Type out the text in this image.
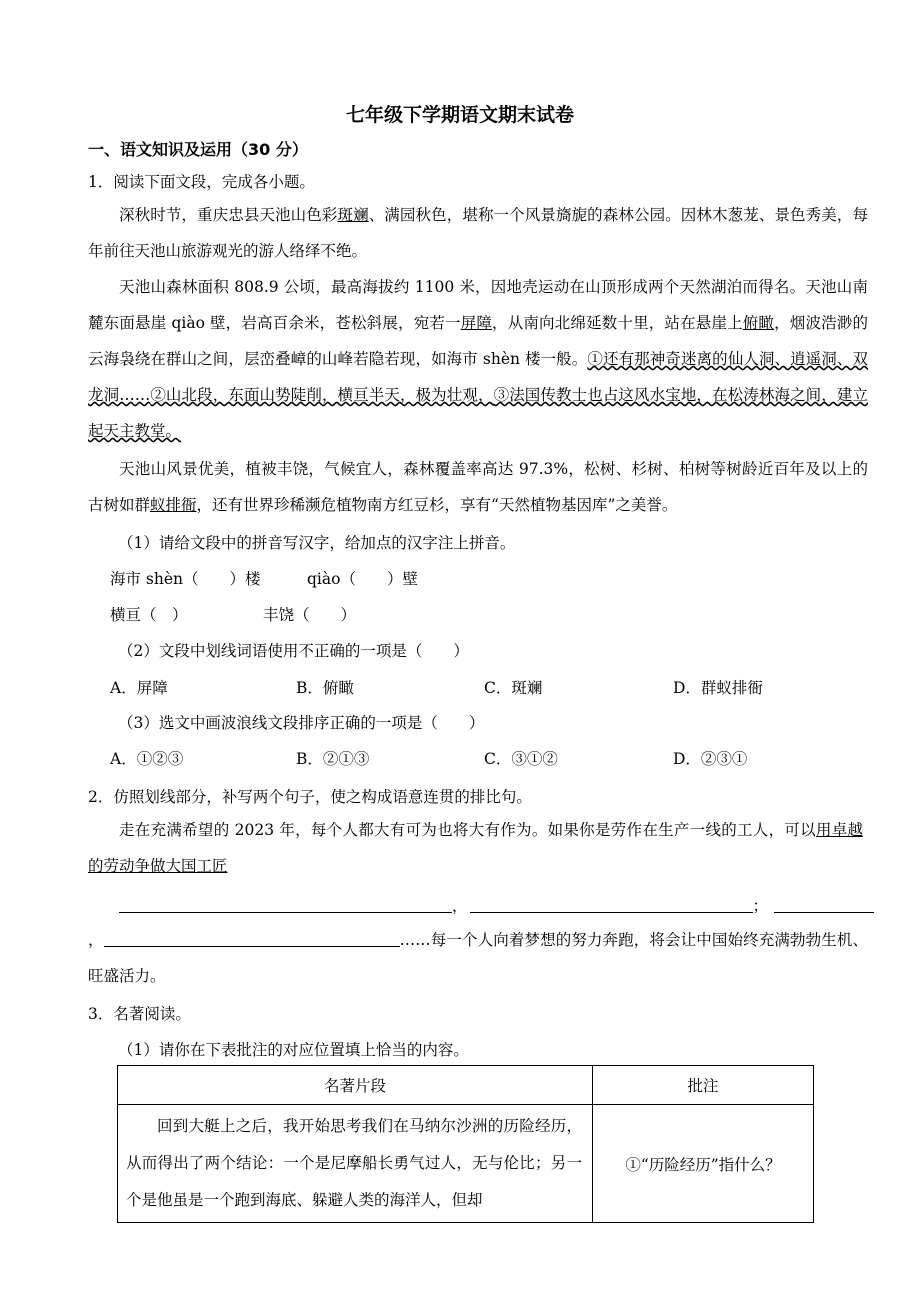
七年级下学期语文期末试卷
一、语文知识及运用（30 分）
1．阅读下面文段，完成各小题。
深秋时节，重庆忠县天池山色彩斑斓、满园秋色，堪称一个风景旖旎的森林公园。因林木葱茏、景色秀美，每年前往天池山旅游观光的游人络绎不绝。
天池山森林面积 808.9 公顷，最高海拔约 1100 米，因地壳运动在山顶形成两个天然湖泊而得名。天池山南麓东面悬崖 qiào 壁，岩高百余米，苍松斜展，宛若一屏障，从南向北绵延数十里，站在悬崖上俯瞰，烟波浩渺的云海袅绕在群山之间，层峦叠嶂的山峰若隐若现，如海市 shèn 楼一般。①还有那神奇迷离的仙人洞、逍遥洞、双龙洞……②山北段，东面山势陡削，横亘半天，极为壮观，③法国传教士也占这风水宝地，在松涛林海之间，建立起天主教堂。
天池山风景优美，植被丰饶，气候宜人，森林覆盖率高达 97.3%，松树、杉树、柏树等树龄近百年及以上的古树如群蚁排衙，还有世界珍稀濒危植物南方红豆杉，享有“天然植物基因库”之美誉。
（1）请给文段中的拼音写汉字，给加点的汉字注上拼音。
海市 shèn（　　）楼	qiào（　　）壁
横亘（　）	丰饶（　　）
（2）文段中划线词语使用不正确的一项是（　　）
A．屏障	B．俯瞰	C．斑斓	D．群蚁排衙
（3）选文中画波浪线文段排序正确的一项是（　　）
A．①②③	B．②①③	C．③①②	D．②③①
2．仿照划线部分，补写两个句子，使之构成语意连贯的排比句。
走在充满希望的 2023 年，每个人都大有可为也将大有作为。如果你是劳作在生产一线的工人，可以用卓越的劳动争做大国工匠
，	；
，	……每一个人向着梦想的努力奔跑，将会让中国始终充满勃勃生机、旺盛活力。
3．名著阅读。
（1）请你在下表批注的对应位置填上恰当的内容。
名著片段	批注
回到大艇上之后，我开始思考我们在马纳尔沙洲的历险经历，从而得出了两个结论：一个是尼摩船长勇气过人，无与伦比；另一个是他虽是一个跑到海底、躲避人类的海洋人，但却	①“历险经历”指什么？
